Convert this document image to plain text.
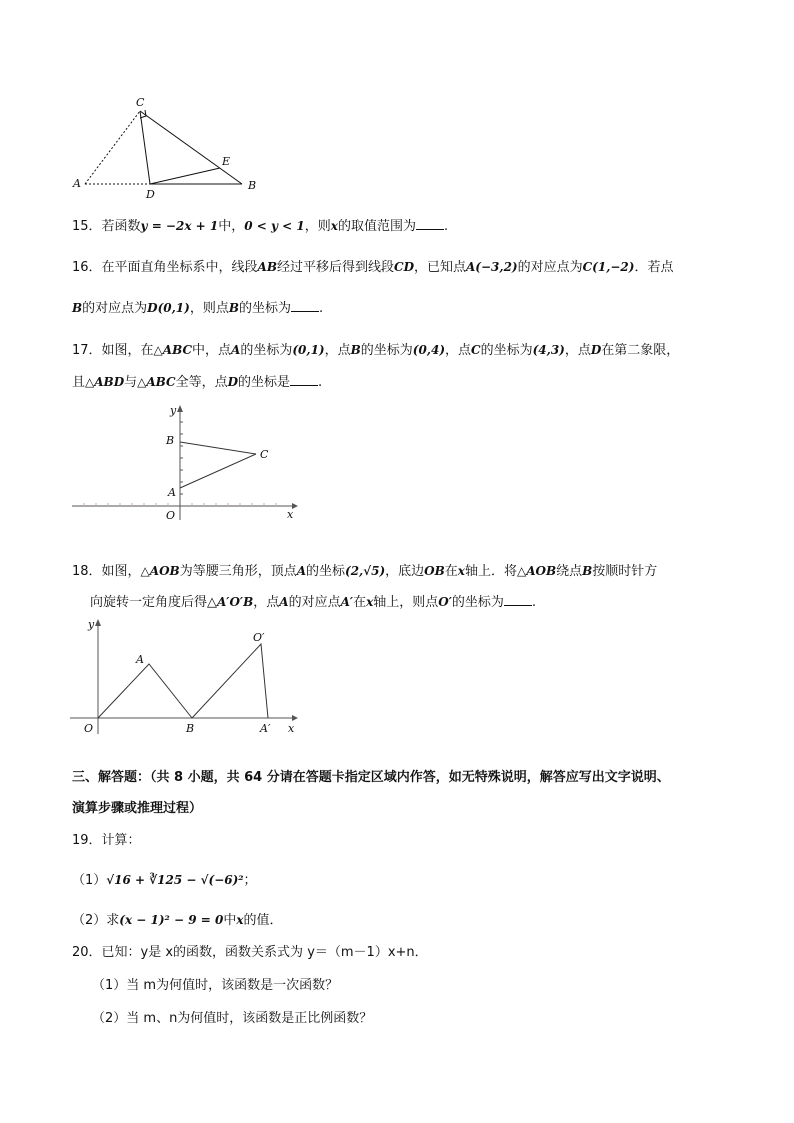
C
E
A
D
B
15．若函数y = −2x + 1中，0 < y < 1，则x的取值范围为 .
16．在平面直角坐标系中，线段AB经过平移后得到线段CD，已知点A(−3,2)的对应点为C(1,−2)．若点
B的对应点为D(0,1)，则点B的坐标为 .
17．如图，在△ABC中，点A的坐标为(0,1)，点B的坐标为(0,4)，点C的坐标为(4,3)，点D在第二象限，
且△ABD与△ABC全等，点D的坐标是 .
y
B
C
A
O	x
18．如图，△AOB为等腰三角形，顶点A的坐标(2,√5)，底边OB在x轴上．将△AOB绕点B按顺时针方
向旋转一定角度后得△A′O′B，点A的对应点A′在x轴上，则点O′的坐标为 .
y
A
O′
O	B	A′ x
三、解答题：（共 8 小题，共 64 分请在答题卡指定区域内作答，如无特殊说明，解答应写出文字说明、
演算步骤或推理过程）
19．计算：
（1）√16 + ∛125 − √(−6)²；
（2）求(x − 1)² − 9 = 0中x的值．
20．已知：y是 x的函数，函数关系式为 y＝（m－1）x+n．
（1）当 m为何值时，该函数是一次函数？
（2）当 m、n为何值时，该函数是正比例函数？
